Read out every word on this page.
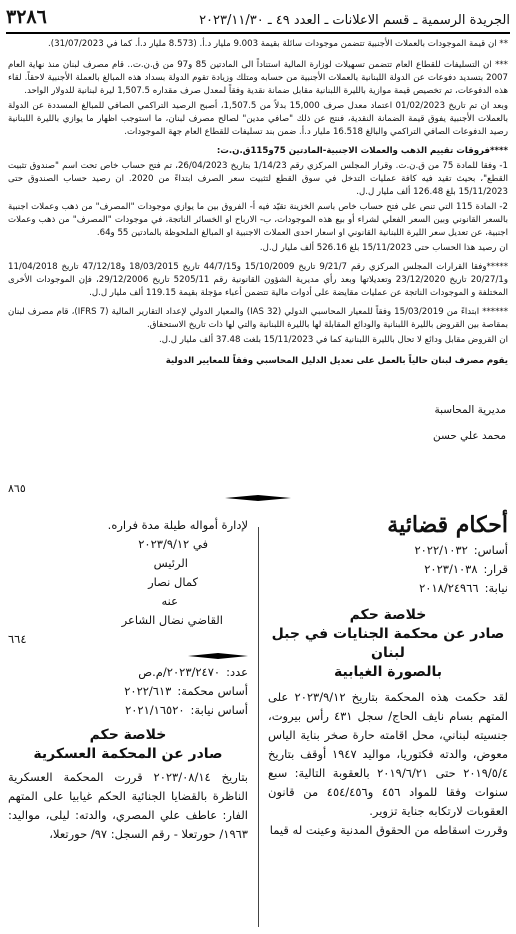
٣٢٨٦	الجريدة الرسمية ـ قسم الاعلانات ـ العدد ٤٩ ـ ٢٠٢٣/١١/٣٠

** ان قيمة الموجودات بالعملات الأجنبية تتضمن موجودات سائلة بقيمة 9.003 مليار د.أ. (8.573 مليار د.أ. كما في 31/07/2023).

*** ان التسليفات للقطاع العام تتضمن تسهيلات لوزارة المالية استناداً الى المادتين 85 و97 من ق.ن.ت.. قام مصرف لبنان منذ نهاية العام 2007 بتسديد دفوعات عن الدولة اللبنانية بالعملات الأجنبية من حسابه ومتلك وزيادة تقوم الدولة بسداد هذه المبالغ بالعملة الأجنبية لاحقاً. لقاء هذه الدفوعات، تم تخصيص قيمة موازية بالليرة اللبنانية مقابل ضمانة نقدية وفقاً لمعدل صرف مقداره 1,507.5 ليرة لبنانية للدولار الواحد.

وبعد ان تم تاريخ 01/02/2023 اعتماد معدل صرف 15,000 بدلاً من 1,507.5، أصبح الرصيد التراكمي الصافي للمبالغ المسددة عن الدولة بالعملات الأجنبية يفوق قيمة الضمانة النقدية، فنتج عن ذلك "صافي مدين" لصالح مصرف لبنان، ما استوجب اظهار ما يوازي بالليرة اللبنانية رصيد الدفوعات الصافي التراكمي والبالغ 16.518 مليار د.أ. ضمن بند تسليفات للقطاع العام جهة الموجودات.

****فروقات تقييم الذهب والعملات الاجنبية-المادتين 75و115ق.ن.ت:

1- وفقا للمادة 75 من ق.ن.ت. وقرار المجلس المركزي رقم 1/14/23 بتاريخ 26/04/2023، تم فتح حساب خاص تحت اسم "صندوق تثبيت القطع"، بحيث تقيد فيه كافة عمليات التدخل في سوق القطع لتثبيت سعر الصرف ابتداءً من 2020. ان رصيد حساب الصندوق حتى 15/11/2023 بلغ 126.48 ألف مليار ل.ل.

2- المادة 115 التي تنص على فتح حساب خاص باسم الخزينة تقيّد فيه أ- الفروق بين ما يوازي موجودات "المصرف" من ذهب وعملات اجنبية بالسعر القانوني وبين السعر الفعلي لشراء أو بيع هذه الموجودات، ب- الارباح او الخسائر الناتجة، في موجودات "المصرف" من ذهب وعملات اجنبية، عن تعديل سعر الليرة اللبنانية القانوني او اسعار احدى العملات الاجنبية او المبالغ الملحوظة بالمادتين 55 و64.

ان رصيد هذا الحساب حتى 15/11/2023 بلغ 526.16 ألف مليار ل.ل.

*****وفقا القرارات المجلس المركزي رقم 9/21/7 تاريخ 15/10/2009 و44/7/15 تاريخ 18/03/2015 و47/12/18 تاريخ 11/04/2018 و20/27/1 تاريخ 23/12/2020 وتعديلاتها وبعد رأي مديرية الشؤون القانونية رقم 5205/11 تاريخ 29/12/2006، فإن الموجودات الأخرى المختلفة و الموجودات الناتجة عن عمليات مقايضة على أدوات مالية تتضمن أعباء مؤجلة بقيمة 119.15 ألف مليار ل.ل.

****** ابتداءً من 15/03/2019 وفقاً للمعيار المحاسبي الدولي (IAS 32) والمعيار الدولي لإعداد التقارير المالية (IFRS 7)، قام مصرف لبنان بمقاصة بين القروض بالليرة اللبنانية والودائع المقابلة لها بالليرة اللبنانية والتي لها ذات تاريخ الاستحقاق.

ان القروض مقابل ودائع لا تحال بالليرة اللبنانية كما في 15/11/2023 بلغت 37.48 ألف مليار ل.ل.

يقوم مصرف لبنان حالياً بالعمل على تعديل الدليل المحاسبي وفقاً للمعايير الدولية

مديرية المحاسبة
محمد علي حسن
٨٦٥
أحكام قضائية
أساس:
٢٠٢٢/١٠٣٢
قرار:
٢٠٢٣/١٠٣٨
نيابة:
٢٠١٨/٢٤٩٦٦
خلاصة حكم
صادر عن محكمة الجنايات في جبل لبنان
بالصورة الغيابية
لقد حكمت هذه المحكمة بتاريخ ٢٠٢٣/٩/١٢ على المتهم بسام نايف الحاج/ سجل ٤٣١ رأس بيروت، جنسيته لبناني، محل اقامته حارة صخر بناية الياس معوض، والدته فكتوريا، مواليد ١٩٤٧ أوقف بتاريخ ٢٠١٩/٥/٤ حتى ٢٠١٩/٦/٢١ بالعقوبة التالية: سبع سنوات وفقا للمواد ٤٥٦ و٤٥٤/٤٥٦ من قانون العقوبات لارتكابه جناية تزوير.
وقررت اسقاطه من الحقوق المدنية وعينت له قيما
لإدارة أمواله طيلة مدة فراره.
في ٢٠٢٣/٩/١٢
الرئيس
كمال نصار
عنه
القاضي نضال الشاعر
٦٦٤
عدد:
٢٠٢٣/٢٤٧٠/م.ص
أساس محكمة:
٢٠٢٢/٦١٣
أساس نيابة:
٢٠٢١/١٦٥٢٠
خلاصة حكم
صادر عن المحكمة العسكرية
بتاريخ ٢٠٢٣/٠٨/١٤ قررت المحكمة العسكرية الناظرة بالقضايا الجنائية الحكم غيابيا على المتهم الفار: عاطف علي المصري، والدته: ليلى، مواليد: ١٩٦٣/ حورتعلا - رقم السجل: ٩٧/ حورتعلا،
